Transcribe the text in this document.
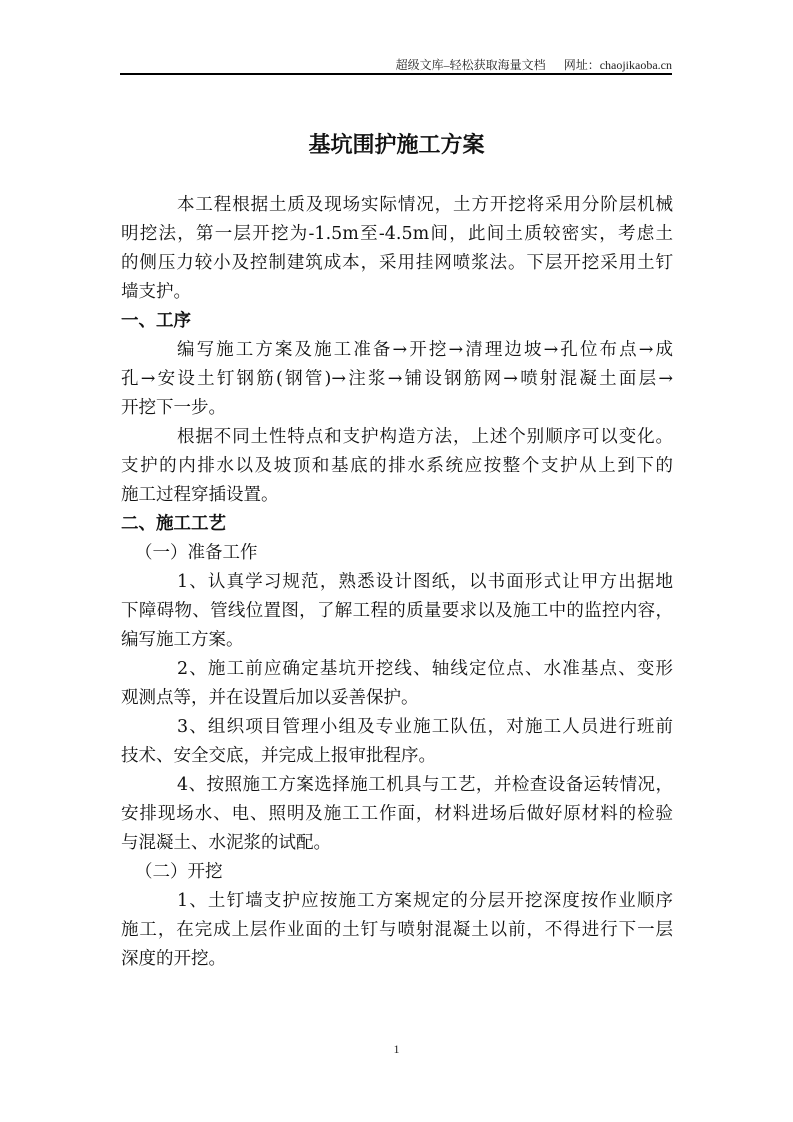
超级文库–轻松获取海量文档 网址：chaojikaoba.cn
基坑围护施工方案
本工程根据土质及现场实际情况，土方开挖将采用分阶层机械
明挖法，第一层开挖为-1.5m至-4.5m间，此间土质较密实，考虑土
的侧压力较小及控制建筑成本，采用挂网喷浆法。下层开挖采用土钉
墙支护。
一、工序
编写施工方案及施工准备→开挖→清理边坡→孔位布点→成
孔→安设土钉钢筋(钢管)→注浆→铺设钢筋网→喷射混凝土面层→
开挖下一步。
根据不同土性特点和支护构造方法，上述个别顺序可以变化。
支护的内排水以及坡顶和基底的排水系统应按整个支护从上到下的
施工过程穿插设置。
二、施工工艺
（一）准备工作
1、认真学习规范，熟悉设计图纸，以书面形式让甲方出据地
下障碍物、管线位置图，了解工程的质量要求以及施工中的监控内容，
编写施工方案。
2、施工前应确定基坑开挖线、轴线定位点、水准基点、变形
观测点等，并在设置后加以妥善保护。
3、组织项目管理小组及专业施工队伍，对施工人员进行班前
技术、安全交底，并完成上报审批程序。
4、按照施工方案选择施工机具与工艺，并检查设备运转情况，
安排现场水、电、照明及施工工作面，材料进场后做好原材料的检验
与混凝土、水泥浆的试配。
（二）开挖
1、土钉墙支护应按施工方案规定的分层开挖深度按作业顺序
施工，在完成上层作业面的土钉与喷射混凝土以前，不得进行下一层
深度的开挖。
1
